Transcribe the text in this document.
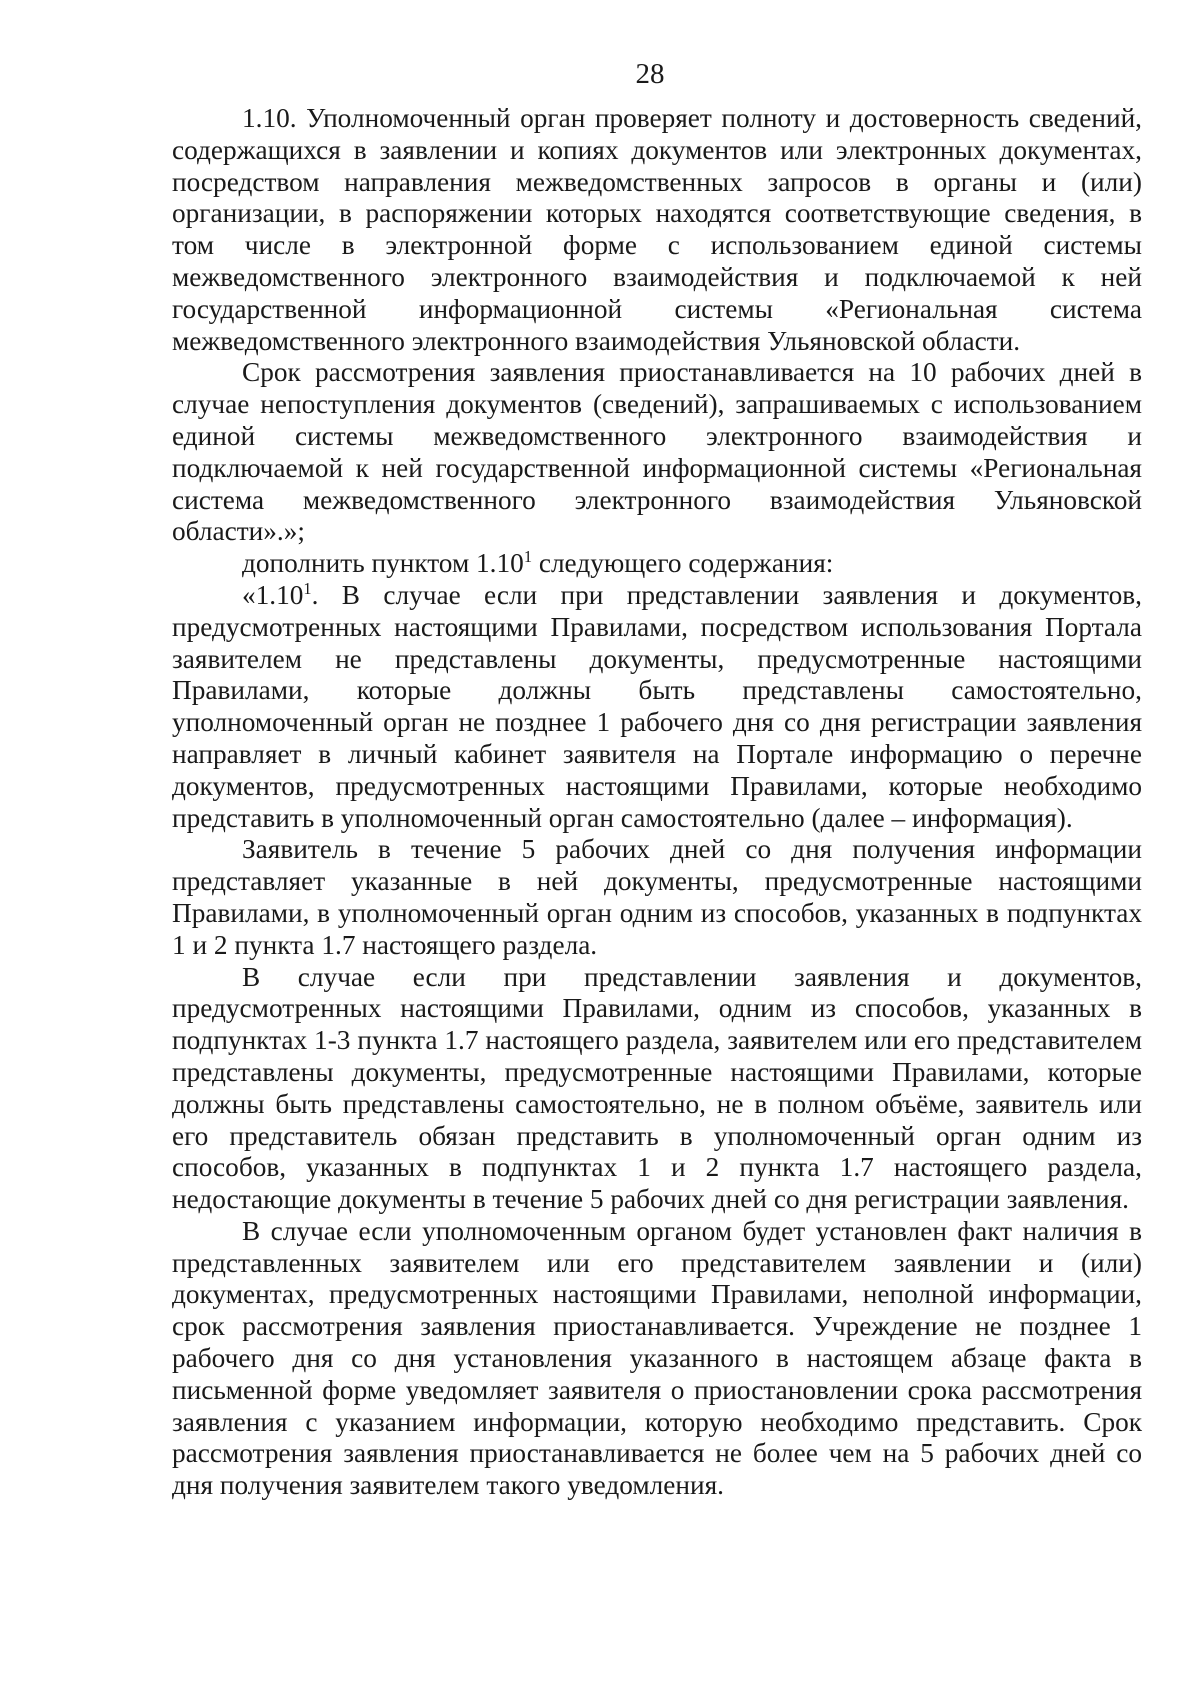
28

1.10. Уполномоченный орган проверяет полноту и достоверность сведений, содержащихся в заявлении и копиях документов или электронных документах, посредством направления межведомственных запросов в органы и (или) организации, в распоряжении которых находятся соответствующие сведения, в том числе в электронной форме с использованием единой системы межведомственного электронного взаимодействия и подключаемой к ней государственной информационной системы «Региональная система межведомственного электронного взаимодействия Ульяновской области.

Срок рассмотрения заявления приостанавливается на 10 рабочих дней в случае непоступления документов (сведений), запрашиваемых с использованием единой системы межведомственного электронного взаимодействия и подключаемой к ней государственной информационной системы «Региональная система межведомственного электронного взаимодействия Ульяновской области».»;

дополнить пунктом 1.10$^1$ следующего содержания:

«1.10$^1$. В случае если при представлении заявления и документов, предусмотренных настоящими Правилами, посредством использования Портала заявителем не представлены документы, предусмотренные настоящими Правилами, которые должны быть представлены самостоятельно, уполномоченный орган не позднее 1 рабочего дня со дня регистрации заявления направляет в личный кабинет заявителя на Портале информацию о перечне документов, предусмотренных настоящими Правилами, которые необходимо представить в уполномоченный орган самостоятельно (далее – информация).

Заявитель в течение 5 рабочих дней со дня получения информации представляет указанные в ней документы, предусмотренные настоящими Правилами, в уполномоченный орган одним из способов, указанных в подпунктах 1 и 2 пункта 1.7 настоящего раздела.

В случае если при представлении заявления и документов, предусмотренных настоящими Правилами, одним из способов, указанных в подпунктах 1-3 пункта 1.7 настоящего раздела, заявителем или его представителем представлены документы, предусмотренные настоящими Правилами, которые должны быть представлены самостоятельно, не в полном объёме, заявитель или его представитель обязан представить в уполномоченный орган одним из способов, указанных в подпунктах 1 и 2 пункта 1.7 настоящего раздела, недостающие документы в течение 5 рабочих дней со дня регистрации заявления.

В случае если уполномоченным органом будет установлен факт наличия в представленных заявителем или его представителем заявлении и (или) документах, предусмотренных настоящими Правилами, неполной информации, срок рассмотрения заявления приостанавливается. Учреждение не позднее 1 рабочего дня со дня установления указанного в настоящем абзаце факта в письменной форме уведомляет заявителя о приостановлении срока рассмотрения заявления с указанием информации, которую необходимо представить. Срок рассмотрения заявления приостанавливается не более чем на 5 рабочих дней со дня получения заявителем такого уведомления.
